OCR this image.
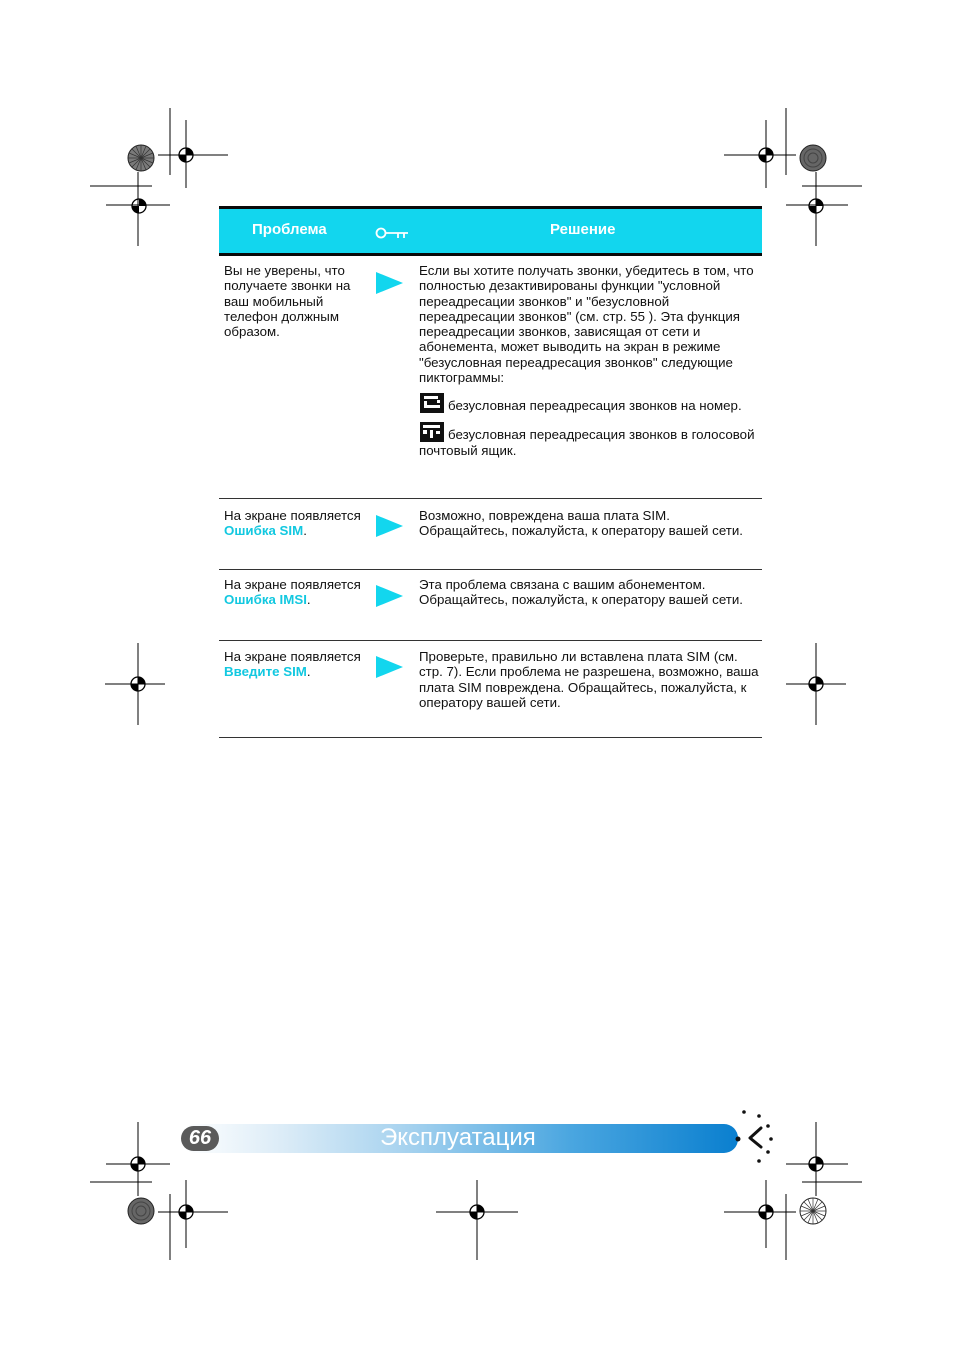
Проблема	Решение
Вы не уверены, что получаете звонки на ваш мобильный телефон должным образом.
Если вы хотите получать звонки, убедитесь в том, что полностью дезактивированы функции "условной переадресации звонков" и "безусловной переадресации звонков" (см. стр. 55 ). Эта функция переадресации звонков, зависящая от сети и абонемента, может выводить на экран в режиме "безусловная переадресация звонков" следующие пиктограммы:
безусловная переадресация звонков на номер.
безусловная переадресация звонков в голосовой почтовый ящик.
На экране появляется
Ошибка SIM.
Возможно, повреждена ваша плата SIM. Обращайтесь, пожалуйста, к оператору вашей сети.
На экране появляется
Ошибка IMSI.
Эта проблема связана с вашим абонементом. Обращайтесь, пожалуйста, к оператору вашей сети.
На экране появляется
Введите SIM.
Проверьте, правильно ли вставлена плата SIM (см. стр. 7). Если проблема не разрешена, возможно, ваша плата SIM повреждена. Обращайтесь, пожалуйста, к оператору вашей сети.
66	Эксплуатация
